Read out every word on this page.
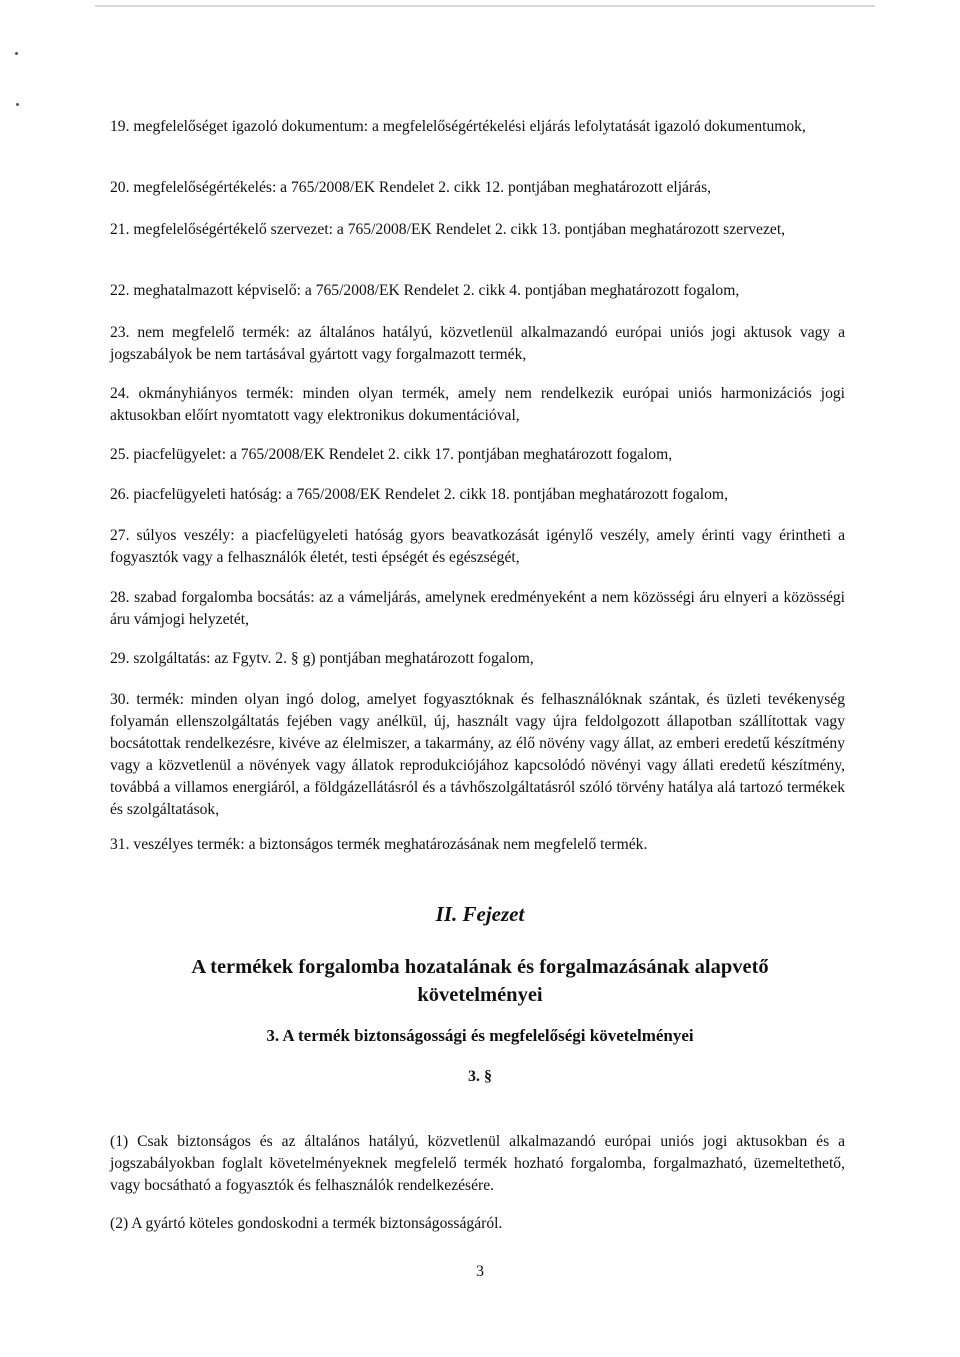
19. megfelelőséget igazoló dokumentum: a megfelelőségértékelési eljárás lefolytatását igazoló dokumentumok,
20. megfelelőségértékelés: a 765/2008/EK Rendelet 2. cikk 12. pontjában meghatározott eljárás,
21. megfelelőségértékelő szervezet: a 765/2008/EK Rendelet 2. cikk 13. pontjában meghatározott szervezet,
22. meghatalmazott képviselő: a 765/2008/EK Rendelet 2. cikk 4. pontjában meghatározott fogalom,
23. nem megfelelő termék: az általános hatályú, közvetlenül alkalmazandó európai uniós jogi aktusok vagy a jogszabályok be nem tartásával gyártott vagy forgalmazott termék,
24. okmányhiányos termék: minden olyan termék, amely nem rendelkezik európai uniós harmonizációs jogi aktusokban előírt nyomtatott vagy elektronikus dokumentációval,
25. piacfelügyelet: a 765/2008/EK Rendelet 2. cikk 17. pontjában meghatározott fogalom,
26. piacfelügyeleti hatóság: a 765/2008/EK Rendelet 2. cikk 18. pontjában meghatározott fogalom,
27. súlyos veszély: a piacfelügyeleti hatóság gyors beavatkozását igénylő veszély, amely érinti vagy érintheti a fogyasztók vagy a felhasználók életét, testi épségét és egészségét,
28. szabad forgalomba bocsátás: az a vámeljárás, amelynek eredményeként a nem közösségi áru elnyeri a közösségi áru vámjogi helyzetét,
29. szolgáltatás: az Fgytv. 2. § g) pontjában meghatározott fogalom,
30. termék: minden olyan ingó dolog, amelyet fogyasztóknak és felhasználóknak szántak, és üzleti tevékenység folyamán ellenszolgáltatás fejében vagy anélkül, új, használt vagy újra feldolgozott állapotban szállítottak vagy bocsátottak rendelkezésre, kivéve az élelmiszer, a takarmány, az élő növény vagy állat, az emberi eredetű készítmény vagy a közvetlenül a növények vagy állatok reprodukciójához kapcsolódó növényi vagy állati eredetű készítmény, továbbá a villamos energiáról, a földgázellátásról és a távhőszolgáltatásról szóló törvény hatálya alá tartozó termékek és szolgáltatások,
31. veszélyes termék: a biztonságos termék meghatározásának nem megfelelő termék.
II. Fejezet
A termékek forgalomba hozatalának és forgalmazásának alapvető követelményei
3. A termék biztonságossági és megfelelőségi követelményei
3. §
(1) Csak biztonságos és az általános hatályú, közvetlenül alkalmazandó európai uniós jogi aktusokban és a jogszabályokban foglalt követelményeknek megfelelő termék hozható forgalomba, forgalmazható, üzemeltethető, vagy bocsátható a fogyasztók és felhasználók rendelkezésére.
(2) A gyártó köteles gondoskodni a termék biztonságosságáról.
3
